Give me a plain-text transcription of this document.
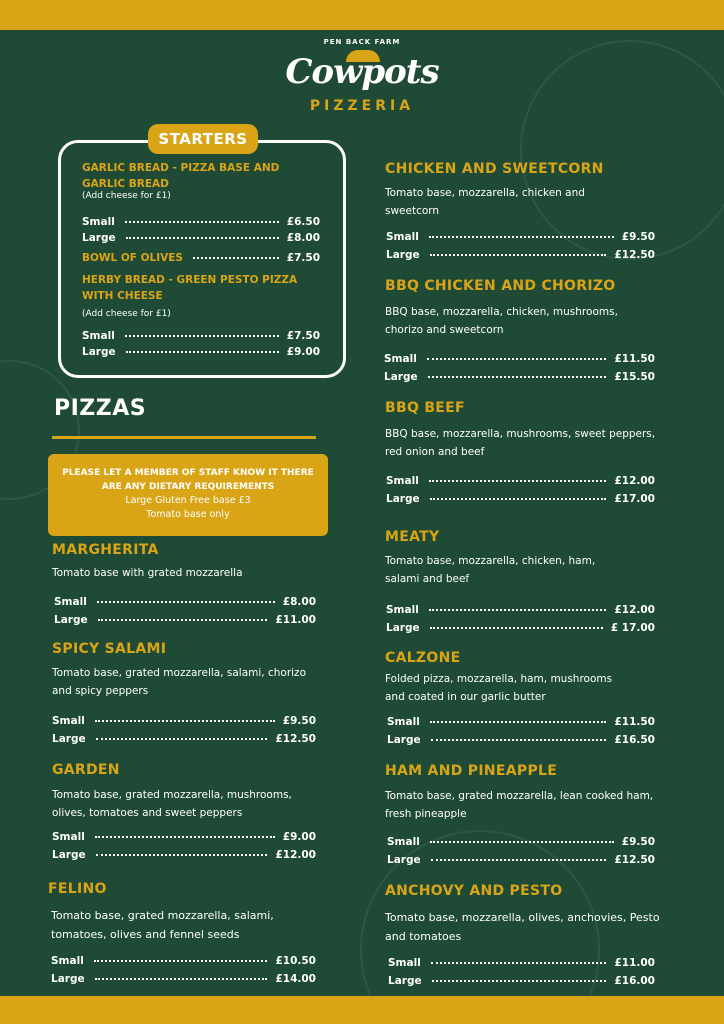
PEN BACK FARM
Cowpots
PIZZERIA
STARTERS
GARLIC BREAD - PIZZA BASE AND GARLIC BREAD
(Add cheese for £1)
Small	£6.50
Large	£8.00
BOWL OF OLIVES	£7.50
HERBY BREAD - GREEN PESTO PIZZA WITH CHEESE
(Add cheese for £1)
Small	£7.50
Large	£9.00
PIZZAS
PLEASE LET A MEMBER OF STAFF KNOW IT THERE ARE ANY DIETARY REQUIREMENTS
Large Gluten Free base £3
Tomato base only
MARGHERITA
Tomato base with grated mozzarella
Small	£8.00
Large	£11.00
SPICY SALAMI
Tomato base, grated mozzarella, salami, chorizo and spicy peppers
Small	£9.50
Large	£12.50
GARDEN
Tomato base, grated mozzarella, mushrooms, olives, tomatoes and sweet peppers
Small	£9.00
Large	£12.00
FELINO
Tomato base, grated mozzarella, salami, tomatoes, olives and fennel seeds
Small	£10.50
Large	£14.00
CHICKEN AND SWEETCORN
Tomato base, mozzarella, chicken and sweetcorn
Small	£9.50
Large	£12.50
BBQ CHICKEN AND CHORIZO
BBQ base, mozzarella, chicken, mushrooms, chorizo and sweetcorn
Small	£11.50
Large	£15.50
BBQ BEEF
BBQ base, mozzarella, mushrooms, sweet peppers, red onion and beef
Small	£12.00
Large	£17.00
MEATY
Tomato base, mozzarella, chicken, ham, salami and beef
Small	£12.00
Large	£ 17.00
CALZONE
Folded pizza, mozzarella, ham, mushrooms and coated in our garlic butter
Small	£11.50
Large	£16.50
HAM AND PINEAPPLE
Tomato base, grated mozzarella, lean cooked ham, fresh pineapple
Small	£9.50
Large	£12.50
ANCHOVY AND PESTO
Tomato base, mozzarella, olives, anchovies, Pesto and tomatoes
Small	£11.00
Large	£16.00
